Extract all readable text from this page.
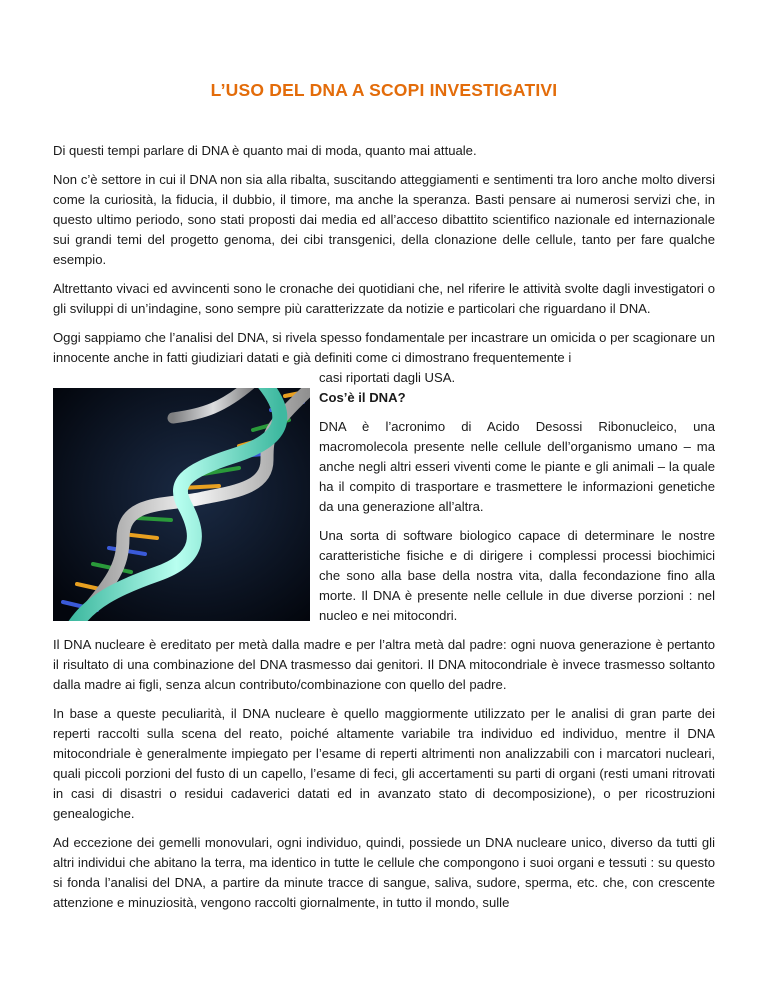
L’USO DEL DNA A SCOPI INVESTIGATIVI

Di questi tempi parlare di DNA è quanto mai di moda, quanto mai attuale.

Non c’è settore in cui il DNA non sia alla ribalta, suscitando atteggiamenti e sentimenti tra loro anche molto diversi come la curiosità, la fiducia, il dubbio, il timore, ma anche la speranza. Basti pensare ai numerosi servizi che, in questo ultimo periodo, sono stati proposti dai media ed all’acceso dibattito scientifico nazionale ed internazionale sui grandi temi del progetto genoma, dei cibi transgenici, della clonazione delle cellule, tanto per fare qualche esempio.

Altrettanto vivaci ed avvincenti sono le cronache dei quotidiani che, nel riferire le attività svolte dagli investigatori o gli sviluppi di un’indagine, sono sempre più caratterizzate da notizie e particolari che riguardano il DNA.

Oggi sappiamo che l’analisi del DNA, si rivela spesso fondamentale per incastrare un omicida o per scagionare un innocente anche in fatti giudiziari datati e già definiti come ci dimostrano frequentemente i

casi riportati dagli USA.

Cos’è il DNA?

DNA è l’acronimo di Acido Desossi Ribonucleico, una macromolecola presente nelle cellule dell’organismo umano – ma anche negli altri esseri viventi come le piante e gli animali – la quale ha il compito di trasportare e trasmettere le informazioni genetiche da una generazione all’altra.

Una sorta di software biologico capace di determinare le nostre caratteristiche fisiche e di dirigere i complessi processi biochimici che sono alla base della nostra vita, dalla fecondazione fino alla morte. Il DNA è presente nelle cellule in due diverse porzioni : nel nucleo e nei mitocondri.

Il DNA nucleare è ereditato per metà dalla madre e per l’altra metà dal padre: ogni nuova generazione è pertanto il risultato di una combinazione del DNA trasmesso dai genitori. Il DNA mitocondriale è invece trasmesso soltanto dalla madre ai figli, senza alcun contributo/combinazione con quello del padre.

In base a queste peculiarità, il DNA nucleare è quello maggiormente utilizzato per le analisi di gran parte dei reperti raccolti sulla scena del reato, poiché altamente variabile tra individuo ed individuo, mentre il DNA mitocondriale è generalmente impiegato per l’esame di reperti altrimenti non analizzabili con i marcatori nucleari, quali piccoli porzioni del fusto di un capello, l’esame di feci, gli accertamenti su parti di organi (resti umani ritrovati in casi di disastri o residui cadaverici datati ed in avanzato stato di decomposizione), o per ricostruzioni genealogiche.

Ad eccezione dei gemelli monovulari, ogni individuo, quindi, possiede un DNA nucleare unico, diverso da tutti gli altri individui che abitano la terra, ma identico in tutte le cellule che compongono i suoi organi e tessuti : su questo si fonda l’analisi del DNA, a partire da minute tracce di sangue, saliva, sudore, sperma, etc. che, con crescente attenzione e minuziosità, vengono raccolti giornalmente, in tutto il mondo, sulle
